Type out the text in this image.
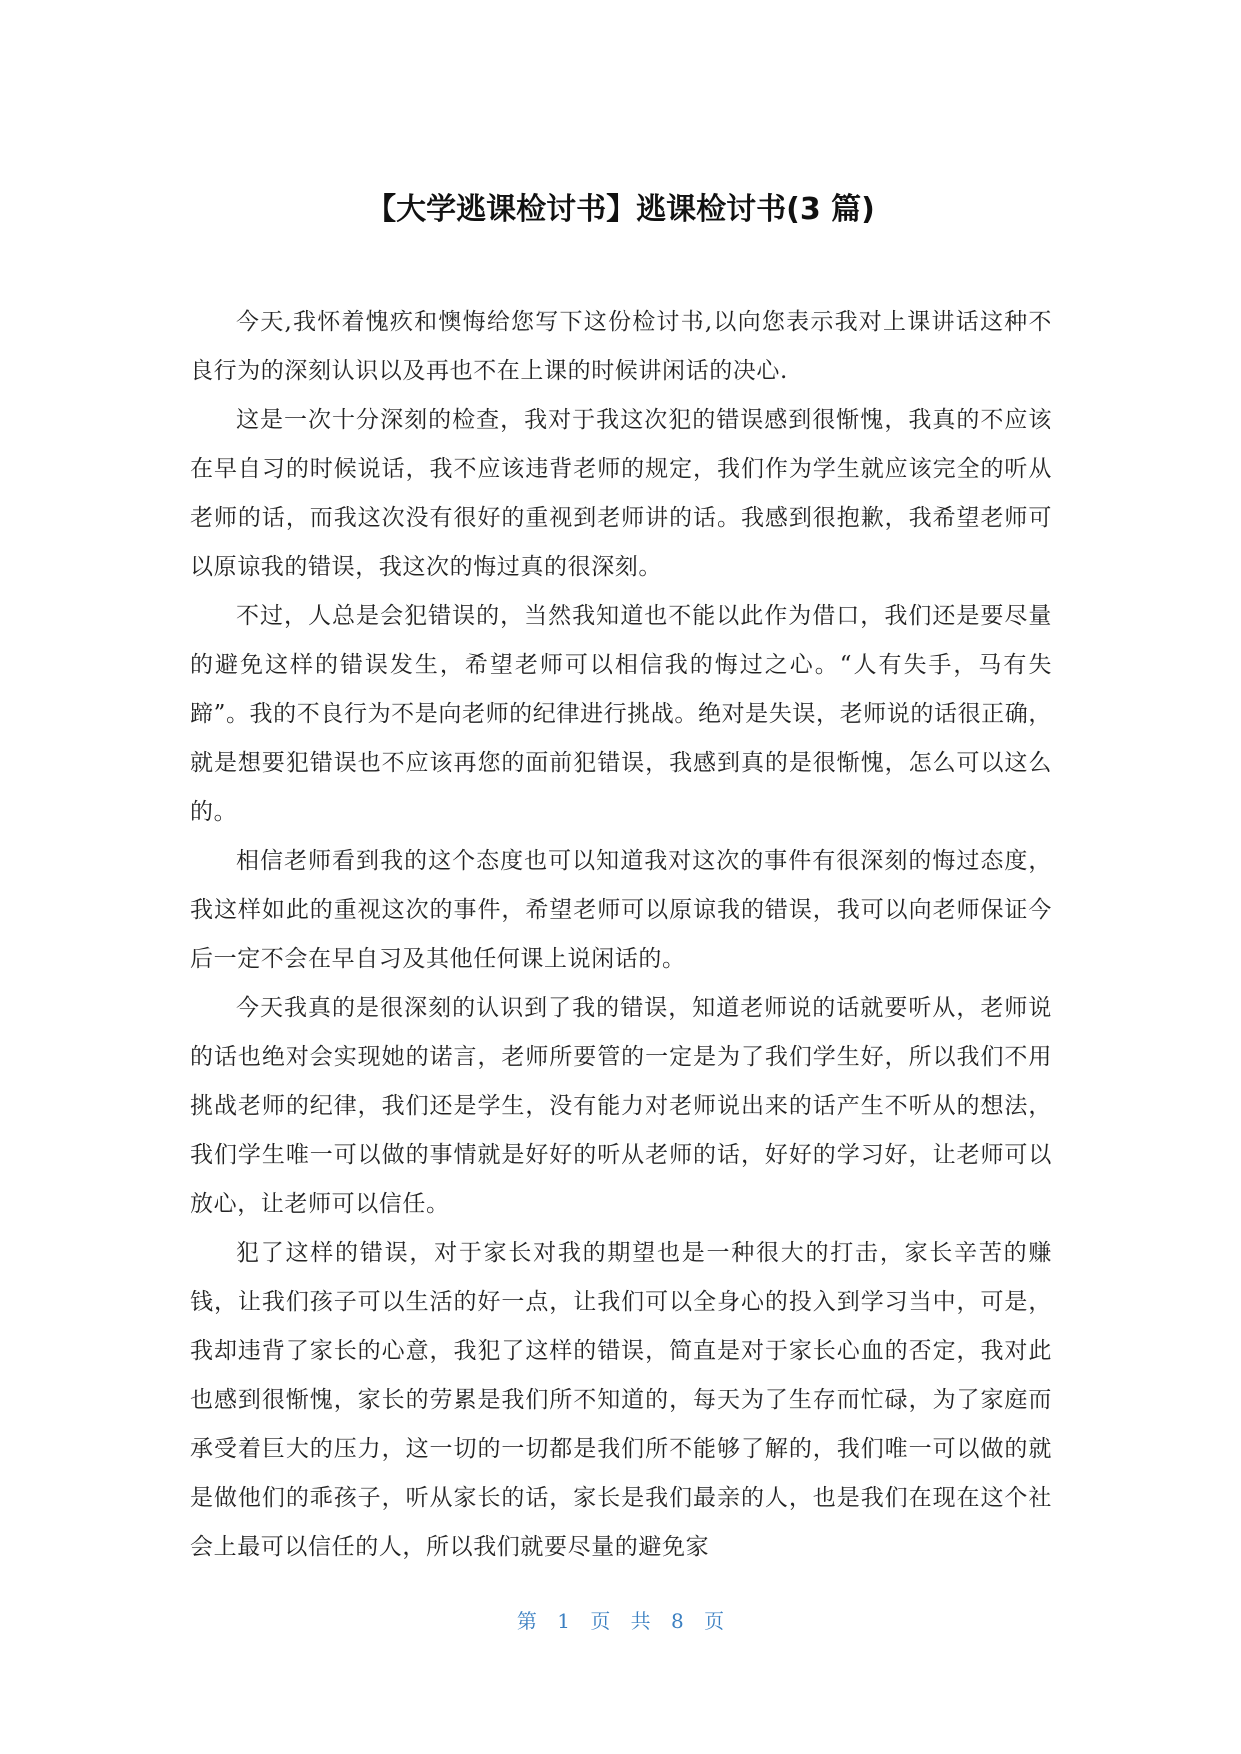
【大学逃课检讨书】逃课检讨书(3 篇)

今天,我怀着愧疚和懊悔给您写下这份检讨书,以向您表示我对上课讲话这种不良行为的深刻认识以及再也不在上课的时候讲闲话的决心.

这是一次十分深刻的检查，我对于我这次犯的错误感到很惭愧，我真的不应该在早自习的时候说话，我不应该违背老师的规定，我们作为学生就应该完全的听从老师的话，而我这次没有很好的重视到老师讲的话。我感到很抱歉，我希望老师可以原谅我的错误，我这次的悔过真的很深刻。

不过，人总是会犯错误的，当然我知道也不能以此作为借口，我们还是要尽量的避免这样的错误发生，希望老师可以相信我的悔过之心。“人有失手，马有失蹄”。我的不良行为不是向老师的纪律进行挑战。绝对是失误，老师说的话很正确，就是想要犯错误也不应该再您的面前犯错误，我感到真的是很惭愧，怎么可以这么的。

相信老师看到我的这个态度也可以知道我对这次的事件有很深刻的悔过态度，我这样如此的重视这次的事件，希望老师可以原谅我的错误，我可以向老师保证今后一定不会在早自习及其他任何课上说闲话的。

今天我真的是很深刻的认识到了我的错误，知道老师说的话就要听从，老师说的话也绝对会实现她的诺言，老师所要管的一定是为了我们学生好，所以我们不用挑战老师的纪律，我们还是学生，没有能力对老师说出来的话产生不听从的想法，我们学生唯一可以做的事情就是好好的听从老师的话，好好的学习好，让老师可以放心，让老师可以信任。

犯了这样的错误，对于家长对我的期望也是一种很大的打击，家长辛苦的赚钱，让我们孩子可以生活的好一点，让我们可以全身心的投入到学习当中，可是，我却违背了家长的心意，我犯了这样的错误，简直是对于家长心血的否定，我对此也感到很惭愧，家长的劳累是我们所不知道的，每天为了生存而忙碌，为了家庭而承受着巨大的压力，这一切的一切都是我们所不能够了解的，我们唯一可以做的就是做他们的乖孩子，听从家长的话，家长是我们最亲的人，也是我们在现在这个社会上最可以信任的人，所以我们就要尽量的避免家

第 1 页 共 8 页
